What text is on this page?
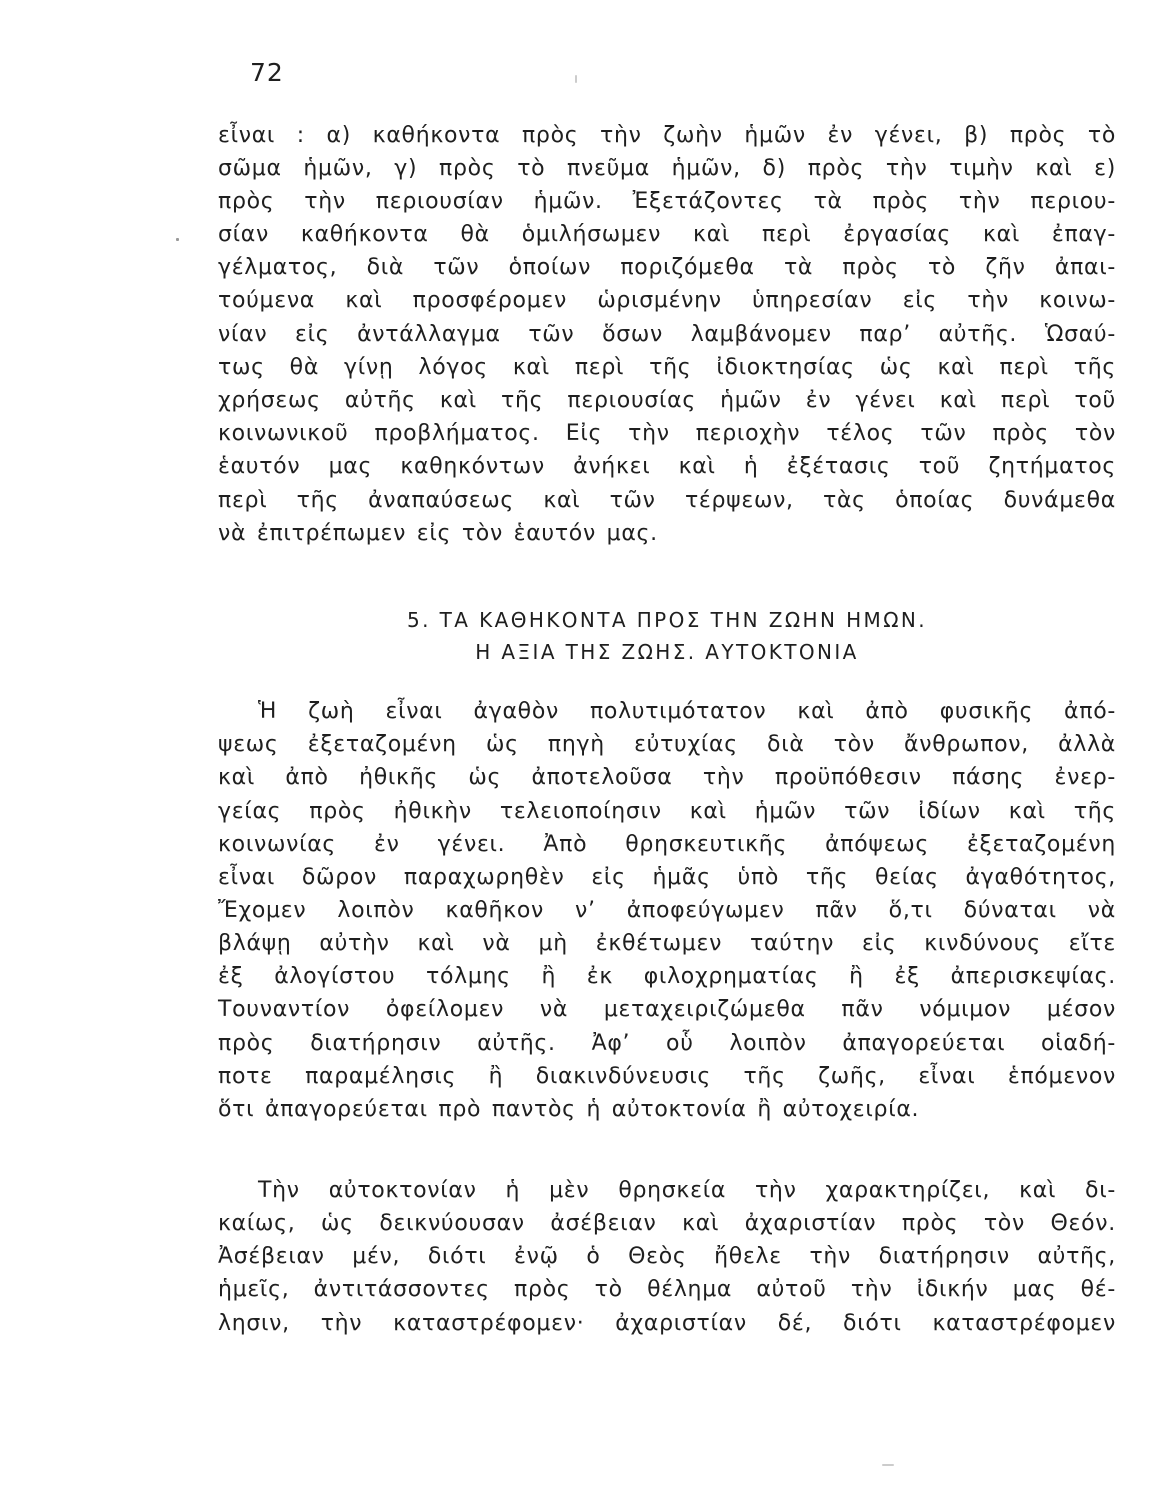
72
εἶναι : α) καθήκοντα πρὸς τὴν ζωὴν ἡμῶν ἐν γένει, β) πρὸς τὸ
σῶμα ἡμῶν, γ) πρὸς τὸ πνεῦμα ἡμῶν, δ) πρὸς τὴν τιμὴν καὶ ε)
πρὸς τὴν περιουσίαν ἡμῶν. Ἐξετάζοντες τὰ πρὸς τὴν περιου-
σίαν καθήκοντα θὰ ὁμιλήσωμεν καὶ περὶ ἐργασίας καὶ ἐπαγ-
γέλματος, διὰ τῶν ὁποίων ποριζόμεθα τὰ πρὸς τὸ ζῆν ἀπαι-
τούμενα καὶ προσφέρομεν ὡρισμένην ὑπηρεσίαν εἰς τὴν κοινω-
νίαν εἰς ἀντάλλαγμα τῶν ὅσων λαμβάνομεν παρ’ αὐτῆς. Ὡσαύ-
τως θὰ γίνῃ λόγος καὶ περὶ τῆς ἰδιοκτησίας ὡς καὶ περὶ τῆς
χρήσεως αὐτῆς καὶ τῆς περιουσίας ἡμῶν ἐν γένει καὶ περὶ τοῦ
κοινωνικοῦ προβλήματος. Εἰς τὴν περιοχὴν τέλος τῶν πρὸς τὸν
ἑαυτόν μας καθηκόντων ἀνήκει καὶ ἡ ἐξέτασις τοῦ ζητήματος
περὶ τῆς ἀναπαύσεως καὶ τῶν τέρψεων, τὰς ὁποίας δυνάμεθα
νὰ ἐπιτρέπωμεν εἰς τὸν ἑαυτόν μας.
5. ΤΑ ΚΑΘΗΚΟΝΤΑ ΠΡΟΣ ΤΗΝ ΖΩΗΝ ΗΜΩΝ.
Η ΑΞΙΑ ΤΗΣ ΖΩΗΣ. ΑΥΤΟΚΤΟΝΙΑ
Ἡ ζωὴ εἶναι ἀγαθὸν πολυτιμότατον καὶ ἀπὸ φυσικῆς ἀπό-
ψεως ἐξεταζομένη ὡς πηγὴ εὐτυχίας διὰ τὸν ἄνθρωπον, ἀλλὰ
καὶ ἀπὸ ἠθικῆς ὡς ἀποτελοῦσα τὴν προϋπόθεσιν πάσης ἐνερ-
γείας πρὸς ἠθικὴν τελειοποίησιν καὶ ἡμῶν τῶν ἰδίων καὶ τῆς
κοινωνίας ἐν γένει. Ἀπὸ θρησκευτικῆς ἀπόψεως ἐξεταζομένη
εἶναι δῶρον παραχωρηθὲν εἰς ἡμᾶς ὑπὸ τῆς θείας ἀγαθότητος,
Ἔχομεν λοιπὸν καθῆκον ν’ ἀποφεύγωμεν πᾶν ὅ,τι δύναται νὰ
βλάψῃ αὐτὴν καὶ νὰ μὴ ἐκθέτωμεν ταύτην εἰς κινδύνους εἴτε
ἐξ ἀλογίστου τόλμης ἢ ἐκ φιλοχρηματίας ἢ ἐξ ἀπερισκεψίας.
Τουναντίον ὀφείλομεν νὰ μεταχειριζώμεθα πᾶν νόμιμον μέσον
πρὸς διατήρησιν αὐτῆς. Ἀφ’ οὗ λοιπὸν ἀπαγορεύεται οἱαδή-
ποτε παραμέλησις ἢ διακινδύνευσις τῆς ζωῆς, εἶναι ἑπόμενον
ὅτι ἀπαγορεύεται πρὸ παντὸς ἡ αὐτοκτονία ἢ αὐτοχειρία.
Τὴν αὐτοκτονίαν ἡ μὲν θρησκεία τὴν χαρακτηρίζει, καὶ δι-
καίως, ὡς δεικνύουσαν ἀσέβειαν καὶ ἀχαριστίαν πρὸς τὸν Θεόν.
Ἀσέβειαν μέν, διότι ἐνῷ ὁ Θεὸς ἤθελε τὴν διατήρησιν αὐτῆς,
ἡμεῖς, ἀντιτάσσοντες πρὸς τὸ θέλημα αὐτοῦ τὴν ἰδικήν μας θέ-
λησιν, τὴν καταστρέφομεν· ἀχαριστίαν δέ, διότι καταστρέφομεν
